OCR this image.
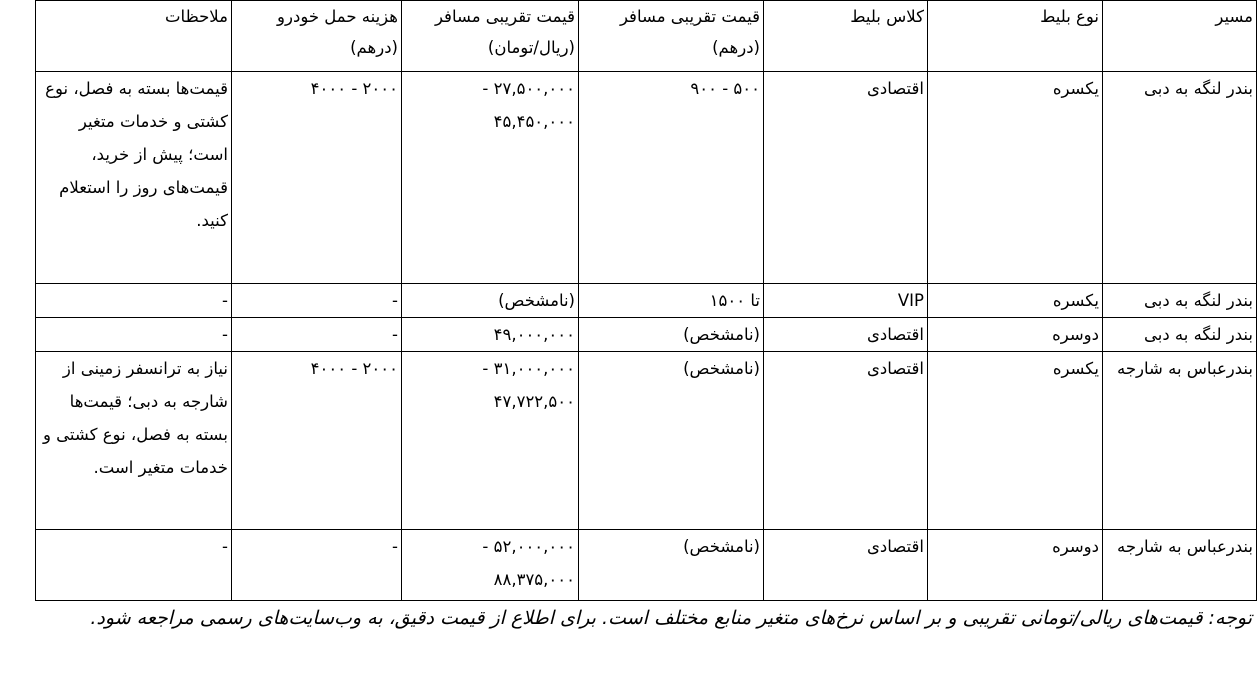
مسیر	نوع بلیط	کلاس بلیط	قیمت تقریبی مسافر (درهم)	قیمت تقریبی مسافر (ریال/تومان)	هزینه حمل خودرو (درهم)	ملاحظات
بندر لنگه به دبی	یکسره	اقتصادی	۵۰۰ - ۹۰۰	۲۷,۵۰۰,۰۰۰ - ۴۵,۴۵۰,۰۰۰	۲۰۰۰ - ۴۰۰۰	قیمت‌ها بسته به فصل، نوع کشتی و خدمات متغیر است؛ پیش از خرید، قیمت‌های روز را استعلام کنید.
بندر لنگه به دبی	یکسره	VIP	تا ۱۵۰۰	(نامشخص)	-	-
بندر لنگه به دبی	دوسره	اقتصادی	(نامشخص)	۴۹,۰۰۰,۰۰۰	-	-
بندرعباس به شارجه	یکسره	اقتصادی	(نامشخص)	۳۱,۰۰۰,۰۰۰ - ۴۷,۷۲۲,۵۰۰	۲۰۰۰ - ۴۰۰۰	نیاز به ترانسفر زمینی از شارجه به دبی؛ قیمت‌ها بسته به فصل، نوع کشتی و خدمات متغیر است.
بندرعباس به شارجه	دوسره	اقتصادی	(نامشخص)	۵۲,۰۰۰,۰۰۰ - ۸۸,۳۷۵,۰۰۰	-	-
توجه: قیمت‌های ریالی/تومانی تقریبی و بر اساس نرخ‌های متغیر منابع مختلف است. برای اطلاع از قیمت دقیق، به وب‌سایت‌های رسمی مراجعه شود.
